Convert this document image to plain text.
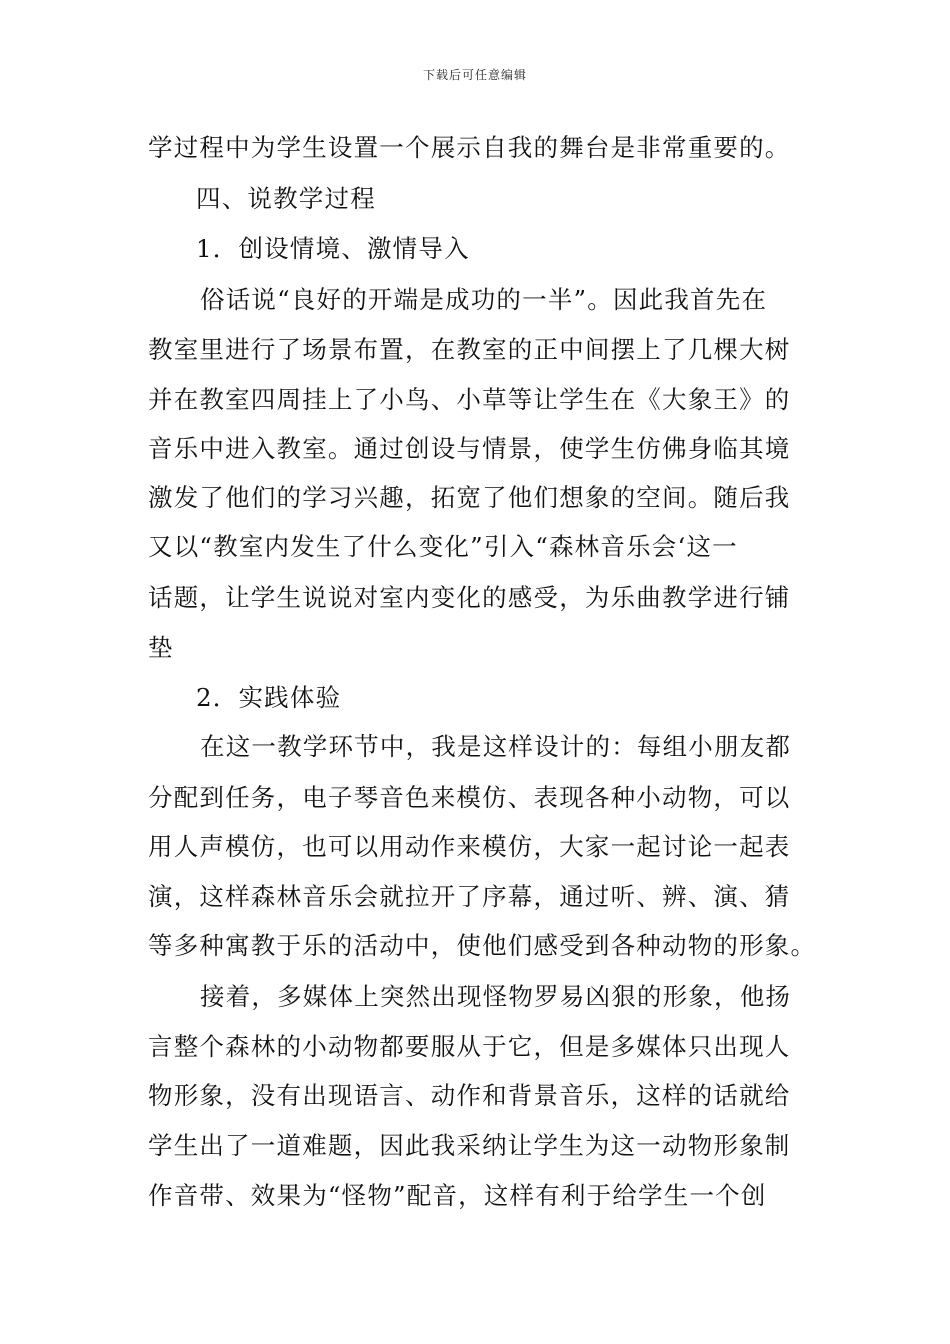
下载后可任意编辑
学过程中为学生设置一个展示自我的舞台是非常重要的。
四、说教学过程
1．创设情境、激情导入
俗话说“良好的开端是成功的一半”。因此我首先在
教室里进行了场景布置，在教室的正中间摆上了几棵大树
并在教室四周挂上了小鸟、小草等让学生在《大象王》的
音乐中进入教室。通过创设与情景，使学生仿佛身临其境
激发了他们的学习兴趣，拓宽了他们想象的空间。随后我
又以“教室内发生了什么变化”引入“森林音乐会‘这一
话题，让学生说说对室内变化的感受，为乐曲教学进行铺
垫
2．实践体验
在这一教学环节中，我是这样设计的：每组小朋友都
分配到任务，电子琴音色来模仿、表现各种小动物，可以
用人声模仿，也可以用动作来模仿，大家一起讨论一起表
演，这样森林音乐会就拉开了序幕，通过听、辨、演、猜
等多种寓教于乐的活动中，使他们感受到各种动物的形象。
接着，多媒体上突然出现怪物罗易凶狠的形象，他扬
言整个森林的小动物都要服从于它，但是多媒体只出现人
物形象，没有出现语言、动作和背景音乐，这样的话就给
学生出了一道难题，因此我采纳让学生为这一动物形象制
作音带、效果为“怪物”配音，这样有利于给学生一个创
